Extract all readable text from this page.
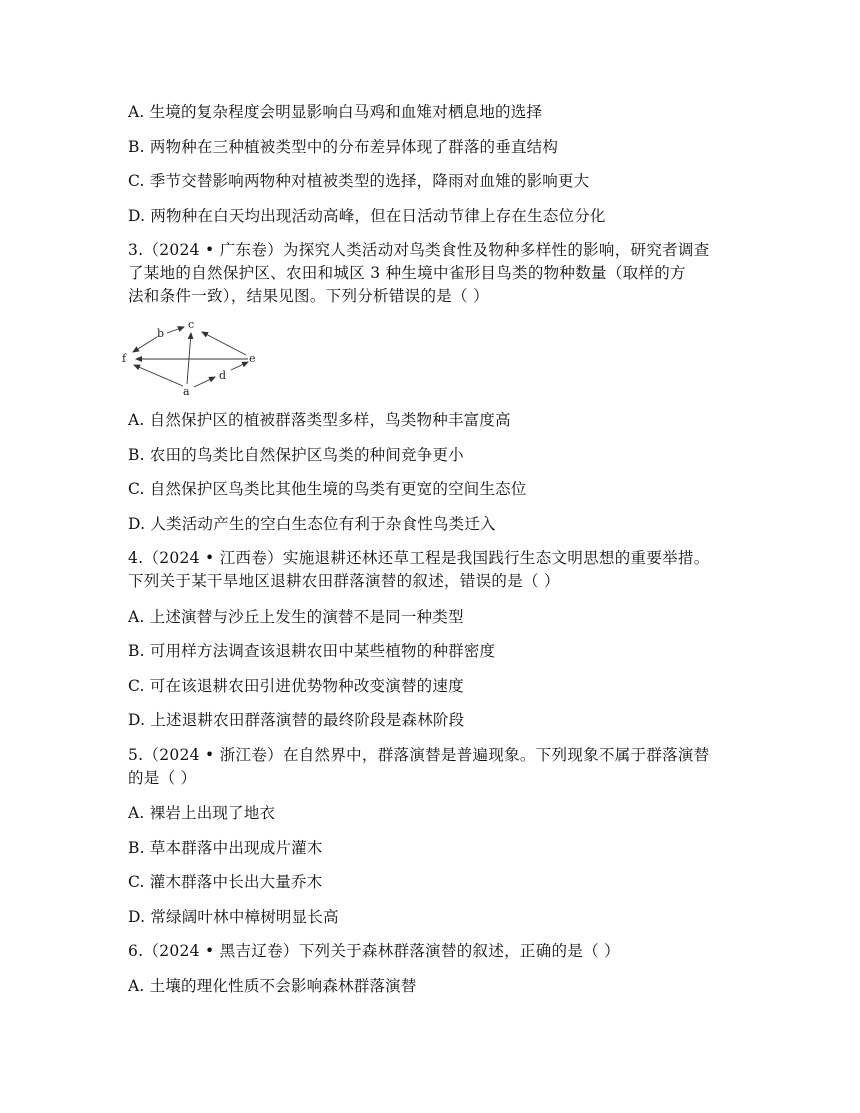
A. 生境的复杂程度会明显影响白马鸡和血雉对栖息地的选择
B. 两物种在三种植被类型中的分布差异体现了群落的垂直结构
C. 季节交替影响两物种对植被类型的选择，降雨对血雉的影响更大
D. 两物种在白天均出现活动高峰，但在日活动节律上存在生态位分化
3.（2024 • 广东卷）为探究人类活动对鸟类食性及物种多样性的影响，研究者调查
了某地的自然保护区、农田和城区 3 种生境中雀形目鸟类的物种数量（取样的方
法和条件一致），结果见图。下列分析错误的是（ ）
c
b
f	e
d
a
A. 自然保护区的植被群落类型多样，鸟类物种丰富度高
B. 农田的鸟类比自然保护区鸟类的种间竞争更小
C. 自然保护区鸟类比其他生境的鸟类有更宽的空间生态位
D. 人类活动产生的空白生态位有利于杂食性鸟类迁入
4.（2024 • 江西卷）实施退耕还林还草工程是我国践行生态文明思想的重要举措。
下列关于某干旱地区退耕农田群落演替的叙述，错误的是（ ）
A. 上述演替与沙丘上发生的演替不是同一种类型
B. 可用样方法调查该退耕农田中某些植物的种群密度
C. 可在该退耕农田引进优势物种改变演替的速度
D. 上述退耕农田群落演替的最终阶段是森林阶段
5.（2024 • 浙江卷）在自然界中，群落演替是普遍现象。下列现象不属于群落演替
的是（ ）
A. 裸岩上出现了地衣
B. 草本群落中出现成片灌木
C. 灌木群落中长出大量乔木
D. 常绿阔叶林中樟树明显长高
6.（2024 • 黑吉辽卷）下列关于森林群落演替的叙述，正确的是（ ）
A. 土壤的理化性质不会影响森林群落演替
